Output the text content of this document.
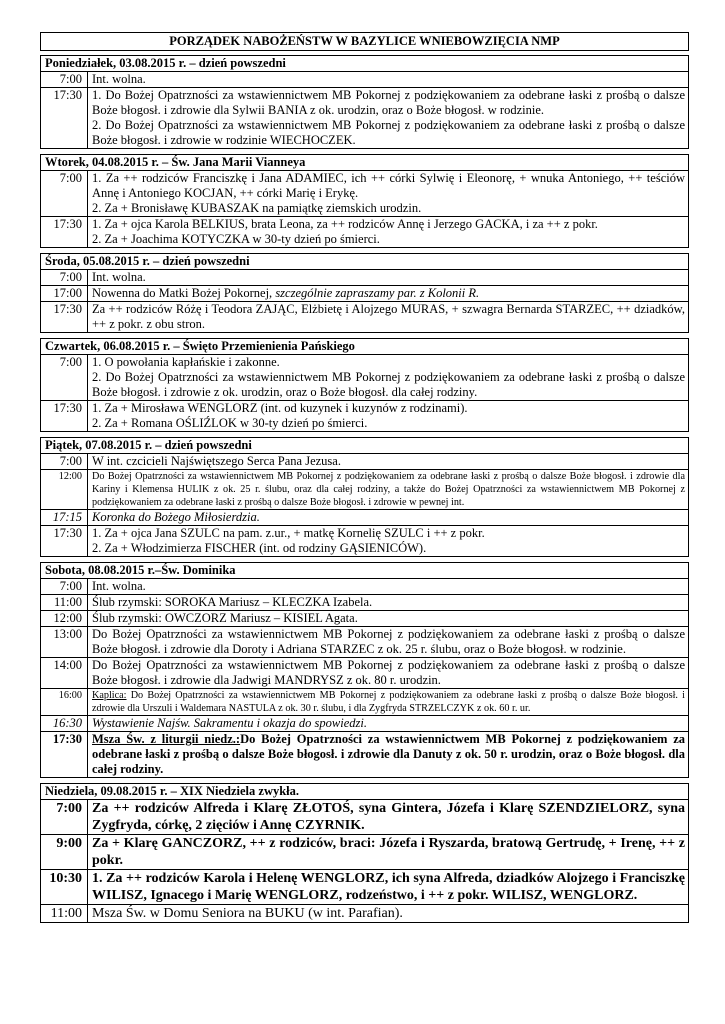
PORZĄDEK NABOŻEŃSTW W BAZYLICE WNIEBOWZIĘCIA NMP
Poniedziałek, 03.08.2015 r. – dzień powszedni
7:00 Int. wolna.
17:30 1. Do Bożej Opatrzności za wstawiennictwem MB Pokornej z podziękowaniem za odebrane łaski z prośbą o dalsze Boże błogosł. i zdrowie dla Sylwii BANIA z ok. urodzin, oraz o Boże błogosł. w rodzinie.
2. Do Bożej Opatrzności za wstawiennictwem MB Pokornej z podziękowaniem za odebrane łaski z prośbą o dalsze Boże błogosł. i zdrowie w rodzinie WIECHOCZEK.
Wtorek, 04.08.2015 r. – Św. Jana Marii Vianneya
7:00 1. Za ++ rodziców Franciszkę i Jana ADAMIEC, ich ++ córki Sylwię i Eleonorę, + wnuka Antoniego, ++ teściów Annę i Antoniego KOCJAN, ++ córki Marię i Erykę.
2. Za + Bronisławę KUBASZAK na pamiątkę ziemskich urodzin.
17:30 1. Za + ojca Karola BELKIUS, brata Leona, za ++ rodziców Annę i Jerzego GACKA, i za ++ z pokr.
2. Za + Joachima KOTYCZKA w 30-ty dzień po śmierci.
Środa, 05.08.2015 r. – dzień powszedni
7:00 Int. wolna.
17:00 Nowenna do Matki Bożej Pokornej, szczególnie zapraszamy par. z Kolonii R.
17:30 Za ++ rodziców Różę i Teodora ZAJĄC, Elżbietę i Alojzego MURAS, + szwagra Bernarda STARZEC, ++ dziadków, ++ z pokr. z obu stron.
Czwartek, 06.08.2015 r. – Święto Przemienienia Pańskiego
7:00 1. O powołania kapłańskie i zakonne.
2. Do Bożej Opatrzności za wstawiennictwem MB Pokornej z podziękowaniem za odebrane łaski z prośbą o dalsze Boże błogosł. i zdrowie z ok. urodzin, oraz o Boże błogosł. dla całej rodziny.
17:30 1. Za + Mirosława WENGLORZ (int. od kuzynek i kuzynów z rodzinami).
2. Za + Romana OŚLIŹLOK w 30-ty dzień po śmierci.
Piątek, 07.08.2015 r. – dzień powszedni
7:00 W int. czcicieli Najświętszego Serca Pana Jezusa.
12:00 Do Bożej Opatrzności za wstawiennictwem MB Pokornej z podziękowaniem za odebrane łaski z prośbą o dalsze Boże błogosł. i zdrowie dla Kariny i Klemensa HULIK z ok. 25 r. ślubu, oraz dla całej rodziny, a także do Bożej Opatrzności za wstawiennictwem MB Pokornej z podziękowaniem za odebrane łaski z prośbą o dalsze Boże błogosł. i zdrowie w pewnej int.
17:15 Koronka do Bożego Miłosierdzia.
17:30 1. Za + ojca Jana SZULC na pam. z.ur., + matkę Kornelię SZULC i ++ z pokr.
2. Za + Włodzimierza FISCHER (int. od rodziny GĄSIENICÓW).
Sobota, 08.08.2015 r.–Św. Dominika
7:00 Int. wolna.
11:00 Ślub rzymski: SOROKA Mariusz – KLECZKA Izabela.
12:00 Ślub rzymski: OWCZORZ Mariusz – KISIEL Agata.
13:00 Do Bożej Opatrzności za wstawiennictwem MB Pokornej z podziękowaniem za odebrane łaski z prośbą o dalsze Boże błogosł. i zdrowie dla Doroty i Adriana STARZEC z ok. 25 r. ślubu, oraz o Boże błogosł. w rodzinie.
14:00 Do Bożej Opatrzności za wstawiennictwem MB Pokornej z podziękowaniem za odebrane łaski z prośbą o dalsze Boże błogosł. i zdrowie dla Jadwigi MANDRYSZ z ok. 80 r. urodzin.
16:00 Kaplica: Do Bożej Opatrzności za wstawiennictwem MB Pokornej z podziękowaniem za odebrane łaski z prośbą o dalsze Boże błogosł. i zdrowie dla Urszuli i Waldemara NASTULA z ok. 30 r. ślubu, i dla Zygfryda STRZELCZYK z ok. 60 r. ur.
16:30 Wystawienie Najśw. Sakramentu i okazja do spowiedzi.
17:30 Msza Św. z liturgii niedz.:Do Bożej Opatrzności za wstawiennictwem MB Pokornej z podziękowaniem za odebrane łaski z prośbą o dalsze Boże błogosł. i zdrowie dla Danuty z ok. 50 r. urodzin, oraz o Boże błogosł. dla całej rodziny.
Niedziela, 09.08.2015 r. – XIX Niedziela zwykła.
7:00 Za ++ rodziców Alfreda i Klarę ZŁOTOŚ, syna Gintera, Józefa i Klarę SZENDZIELORZ, syna Zygfryda, córkę, 2 zięciów i Annę CZYRNIK.
9:00 Za + Klarę GANCZORZ, ++ z rodziców, braci: Józefa i Ryszarda, bratową Gertrudę, + Irenę, ++ z pokr.
10:30 1. Za ++ rodziców Karola i Helenę WENGLORZ, ich syna Alfreda, dziadków Alojzego i Franciszkę WILISZ, Ignacego i Marię WENGLORZ, rodzeństwo, i ++ z pokr. WILISZ, WENGLORZ.
11:00 Msza Św. w Domu Seniora na BUKU (w int. Parafian).
